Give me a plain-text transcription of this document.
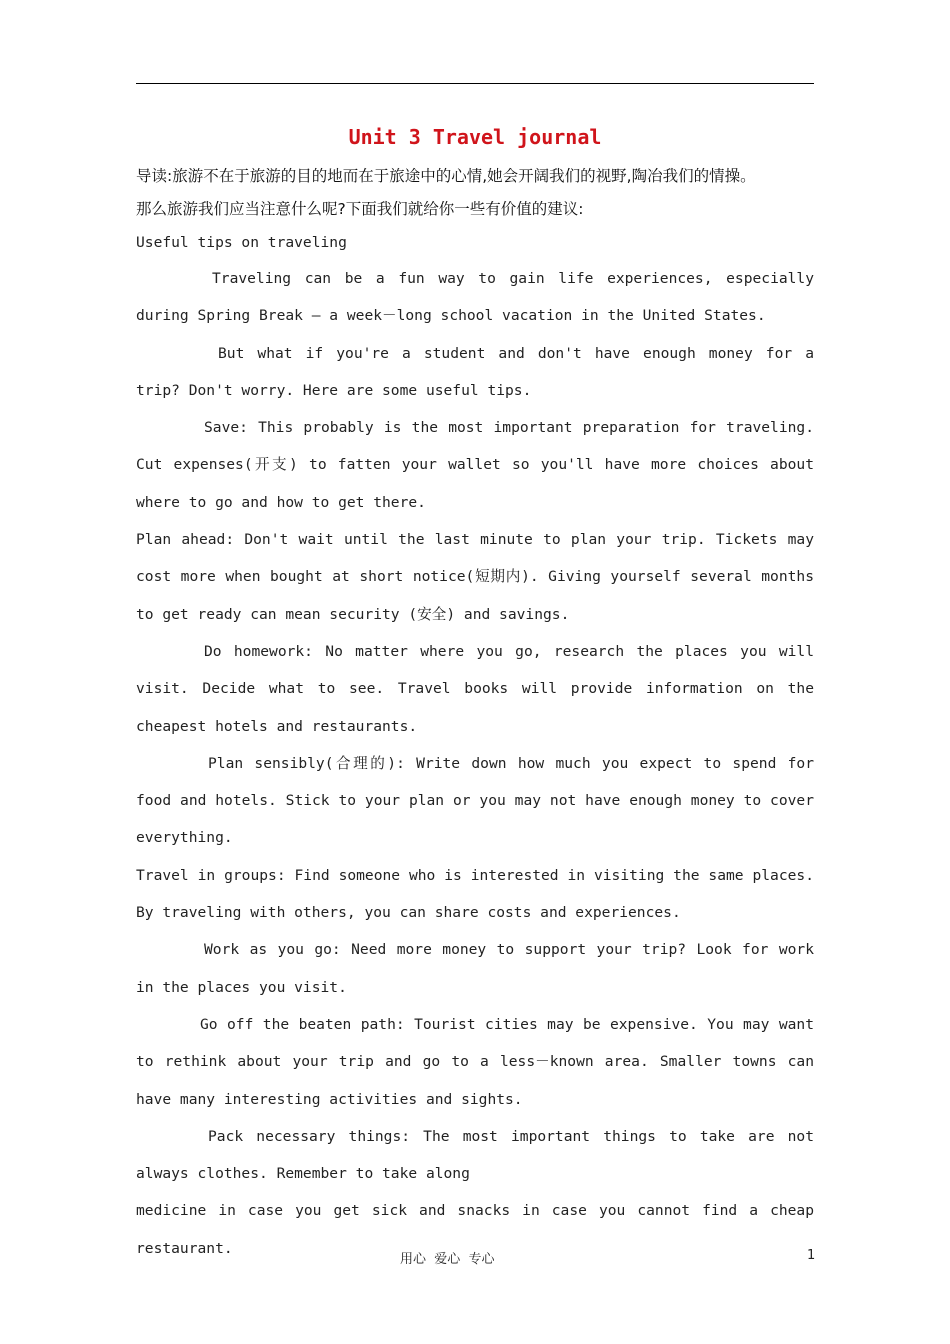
Unit 3 Travel journal

导读:旅游不在于旅游的目的地而在于旅途中的心情,她会开阔我们的视野,陶冶我们的情操。

那么旅游我们应当注意什么呢?下面我们就给你一些有价值的建议:

Useful tips on traveling

Traveling can be a fun way to gain life experiences, especially during Spring Break — a week－long school vacation in the United States.

But what if you're a student and don't have enough money for a trip? Don't worry. Here are some useful tips.

Save: This probably is the most important preparation for traveling. Cut expenses(开支) to fatten your wallet so you'll have more choices about where to go and how to get there.

Plan ahead: Don't wait until the last minute to plan your trip. Tickets may cost more when bought at short notice(短期内). Giving yourself several months to get ready can mean security (安全) and savings.

Do homework: No matter where you go, research the places you will visit. Decide what to see. Travel books will provide information on the cheapest hotels and restaurants.

Plan sensibly(合理的): Write down how much you expect to spend for food and hotels. Stick to your plan or you may not have enough money to cover everything.

Travel in groups: Find someone who is interested in visiting the same places. By traveling with others, you can share costs and experiences.

Work as you go: Need more money to support your trip? Look for work in the places you visit.

Go off the beaten path: Tourist cities may be expensive. You may want to rethink about your trip and go to a less－known area. Smaller towns can have many interesting activities and sights.

Pack necessary things: The most important things to take are not always clothes. Remember to take along

medicine in case you get sick and snacks in case you cannot find a cheap restaurant.

用心  爱心  专心	1
